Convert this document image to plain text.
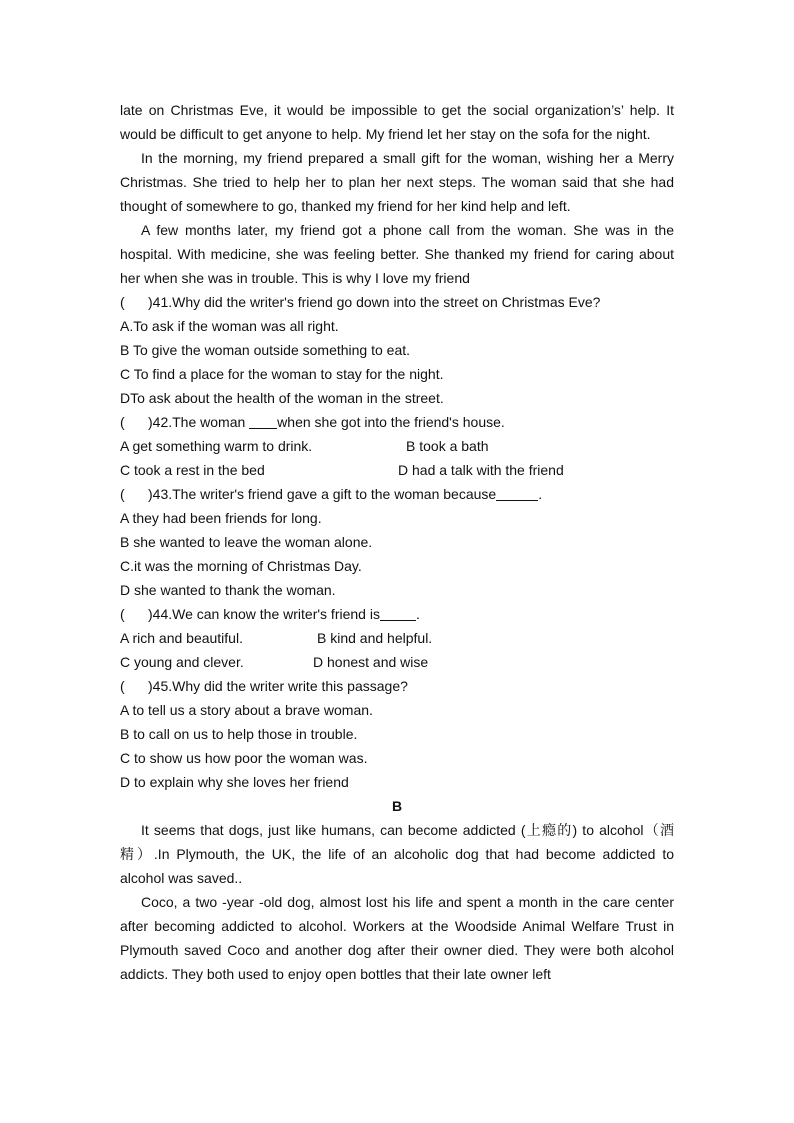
late on Christmas Eve, it would be impossible to get the social organization’s’ help. It would be difficult to get anyone to help. My friend let her stay on the sofa for the night.

In the morning, my friend prepared a small gift for the woman, wishing her a Merry Christmas. She tried to help her to plan her next steps. The woman said that she had thought of somewhere to go, thanked my friend for her kind help and left.

A few months later, my friend got a phone call from the woman. She was in the hospital. With medicine, she was feeling better. She thanked my friend for caring about her when she was in trouble. This is why I love my friend

(      )41.Why did the writer's friend go down into the street on Christmas Eve?

A.To ask if the woman was all right.

B To give the woman outside something to eat.

C To find a place for the woman to stay for the night.

DTo ask about the health of the woman in the street.

(      )42.The woman when she got into the friend's house.

A get something warm to drink.	B took a bath

C took a rest in the bed	D had a talk with the friend

(      )43.The writer's friend gave a gift to the woman because	.

A they had been friends for long.

B she wanted to leave the woman alone.

C.it was the morning of Christmas Day.

D she wanted to thank the woman.

(      )44.We can know the writer's friend is	.

A rich and beautiful.	B kind and helpful.

C young and clever.	D honest and wise

(      )45.Why did the writer write this passage?

A to tell us a story about a brave woman.

B to call on us to help those in trouble.

C to show us how poor the woman was.

D to explain why she loves her friend

B

It seems that dogs, just like humans, can become addicted (上瘾的) to alcohol（酒精）.In Plymouth, the UK, the life of an alcoholic dog that had become addicted to alcohol was saved..

Coco, a two -year -old dog, almost lost his life and spent a month in the care center after becoming addicted to alcohol. Workers at the Woodside Animal Welfare Trust in Plymouth saved Coco and another dog after their owner died. They were both alcohol addicts. They both used to enjoy open bottles that their late owner left
